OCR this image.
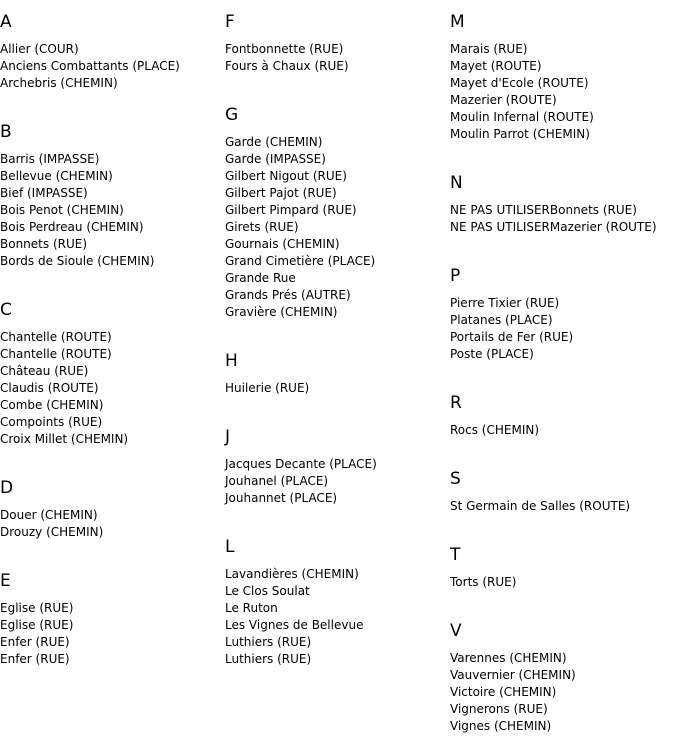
A
Allier (COUR)
Anciens Combattants (PLACE)
Archebris (CHEMIN)
B
Barris (IMPASSE)
Bellevue (CHEMIN)
Bief (IMPASSE)
Bois Penot (CHEMIN)
Bois Perdreau (CHEMIN)
Bonnets (RUE)
Bords de Sioule (CHEMIN)
C
Chantelle (ROUTE)
Chantelle (ROUTE)
Château (RUE)
Claudis (ROUTE)
Combe (CHEMIN)
Compoints (RUE)
Croix Millet (CHEMIN)
D
Douer (CHEMIN)
Drouzy (CHEMIN)
E
Eglise (RUE)
Eglise (RUE)
Enfer (RUE)
Enfer (RUE)
F
Fontbonnette (RUE)
Fours à Chaux (RUE)
G
Garde (CHEMIN)
Garde (IMPASSE)
Gilbert Nigout (RUE)
Gilbert Pajot (RUE)
Gilbert Pimpard (RUE)
Girets (RUE)
Gournais (CHEMIN)
Grand Cimetière (PLACE)
Grande Rue
Grands Prés (AUTRE)
Gravière (CHEMIN)
H
Huilerie (RUE)
J
Jacques Decante (PLACE)
Jouhanel (PLACE)
Jouhannet (PLACE)
L
Lavandières (CHEMIN)
Le Clos Soulat
Le Ruton
Les Vignes de Bellevue
Luthiers (RUE)
Luthiers (RUE)
M
Marais (RUE)
Mayet (ROUTE)
Mayet d'Ecole (ROUTE)
Mazerier (ROUTE)
Moulin Infernal (ROUTE)
Moulin Parrot (CHEMIN)
N
NE PAS UTILISERBonnets (RUE)
NE PAS UTILISERMazerier (ROUTE)
P
Pierre Tixier (RUE)
Platanes (PLACE)
Portails de Fer (RUE)
Poste (PLACE)
R
Rocs (CHEMIN)
S
St Germain de Salles (ROUTE)
T
Torts (RUE)
V
Varennes (CHEMIN)
Vauvernier (CHEMIN)
Victoire (CHEMIN)
Vignerons (RUE)
Vignes (CHEMIN)
